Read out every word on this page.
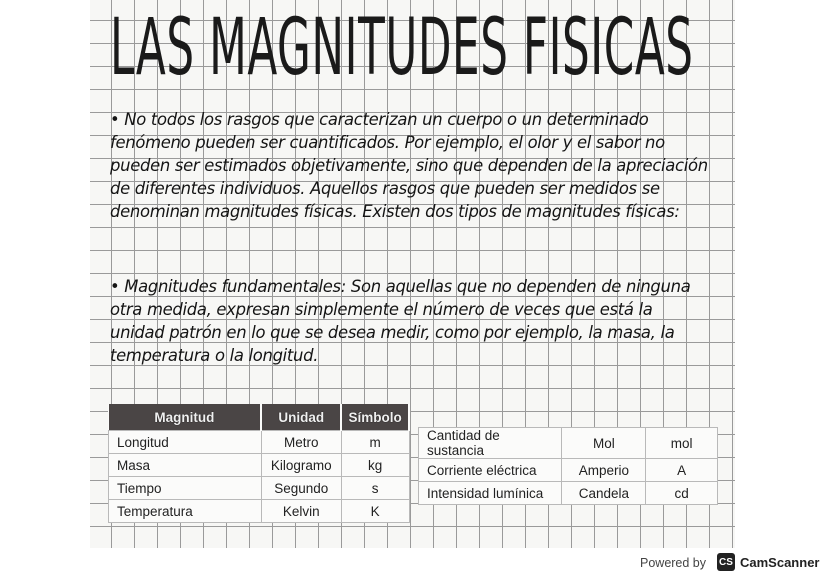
LAS MAGNITUDES FISICAS

• No todos los rasgos que caracterizan un cuerpo o un determinado fenómeno pueden ser cuantificados. Por ejemplo, el olor y el sabor no pueden ser estimados objetivamente, sino que dependen de la apreciación de diferentes individuos. Aquellos rasgos que pueden ser medidos se denominan magnitudes físicas. Existen dos tipos de magnitudes físicas:

• Magnitudes fundamentales: Son aquellas que no dependen de ninguna otra medida, expresan simplemente el número de veces que está la unidad patrón en lo que se desea medir, como por ejemplo, la masa, la temperatura o la longitud.

Magnitud	Unidad	Símbolo
Longitud	Metro	m
Masa	Kilogramo	kg
Tiempo	Segundo	s
Temperatura	Kelvin	K
Cantidad de sustancia	Mol	mol
Corriente eléctrica	Amperio	A
Intensidad lumínica	Candela	cd
Powered by CS CamScanner
